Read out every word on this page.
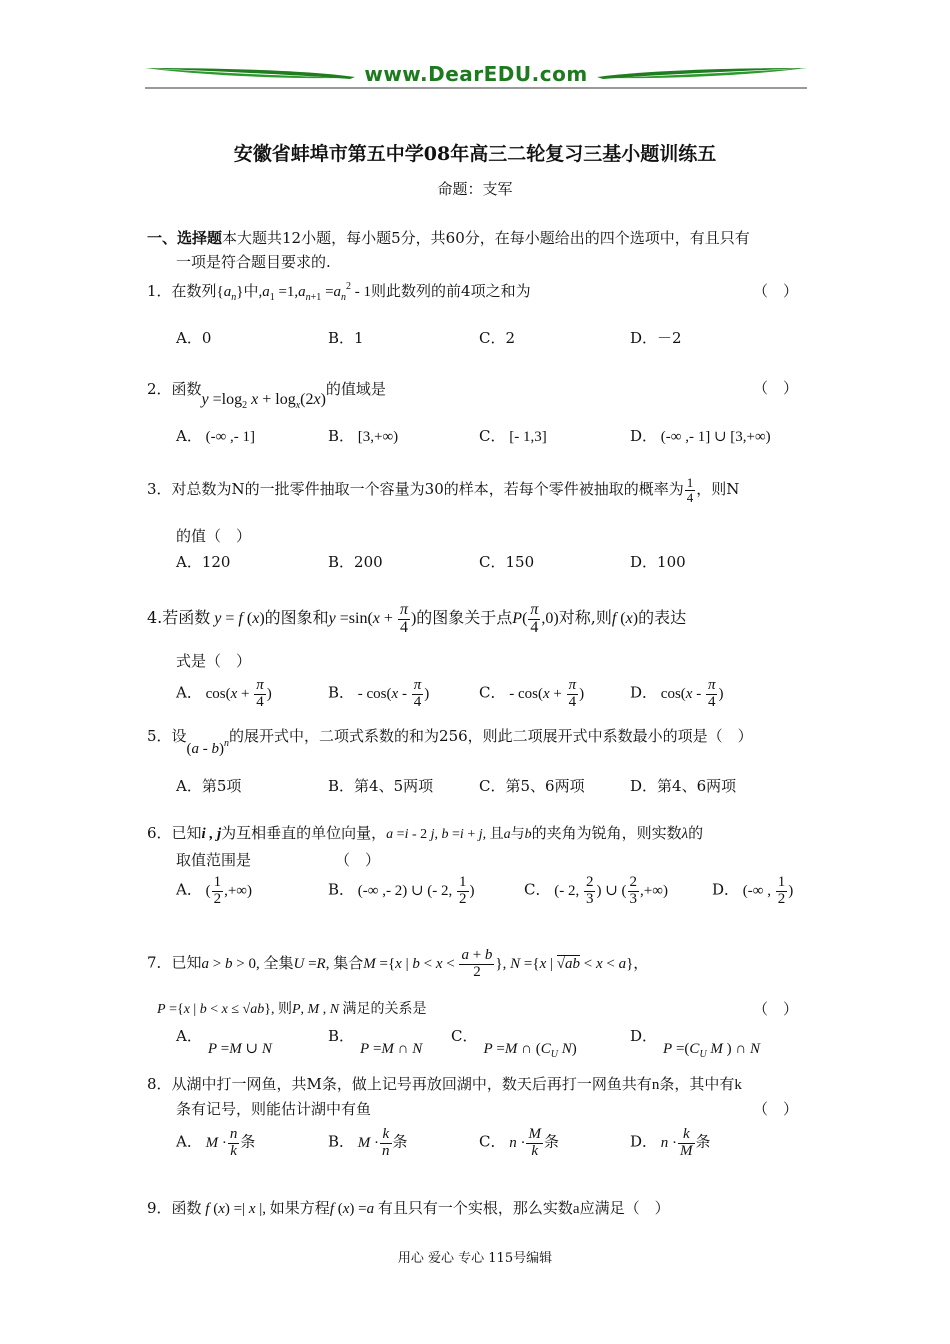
www.DearEDU.com
安徽省蚌埠市第五中学08年高三二轮复习三基小题训练五
命题：支军
一、选择题本大题共12小题，每小题5分，共60分，在每小题给出的四个选项中，有且只有
一项是符合题目要求的.
1．在数列$\{a_n\}$中$,a_1 =1,a_{n+1} =a_n^2 - 1$则此数列的前4项之和为	（　）
A．0	B．1	C．2	D．－2
2．函数$y =\log_2$ $x + \log_x(2x)$的值域是	（　）
A． (-∞ ,- 1]	B． [3,+∞)	C． [- 1,3]	D． (-∞ ,- 1] ∪ [3,+∞)
3．对总数为N的一批零件抽取一个容量为30的样本，若每个零件被抽取的概率为 $\frac{1}{4}$ ，则N
的值（　）
A．120	B．200	C．150	D．100
4.若函数 y = f (x)的图象和$y =\sin(x + \frac{\pi}{4}$ )的图象关于点$P( \frac{\pi}{4} ,0)$对称,则f (x)的表达
式是（　）
A． $\cos(x + \frac{\pi}{4}$ )	B． - $\cos(x - \frac{\pi}{4}$ )	C． - $\cos(x + \frac{\pi}{4}$ )	D． $\cos(x - \frac{\pi}{4}$ )
5．设(a - b)$^n$的展开式中，二项式系数的和为256，则此二项展开式中系数最小的项是（　）
A．第5项	B．第4、5两项	C．第5、6两项	D．第4、6两项
6．已知i , j为互相垂直的单位向量，a =i - 2 j, b =i + j, 且a与b的夹角为锐角，则实数λ的
取值范围是	（　）
A． ( $\frac{1}{2}$ ,+∞)	B． (-∞ ,- 2) ∪ (- 2, $\frac{1}{2}$ )	C． (- 2, $\frac{2}{3}$ ) ∪ ( $\frac{2}{3}$ ,+∞)	D． (-∞ , $\frac{1}{2}$ )
7．已知a > b > 0, 全集U =R, 集合M ={x | $b < x < \frac{a + b}{2}$ }, N ={x | √ab < x < a}，
P ={x | b < x ≤ √ab}, 则P, M , N 满足的关系是	（　）
A．P =M ∪ N
B．P =M ∩ N
C．P =M ∩ ($C_U$ N)
D．$P =(C_U$ M ) ∩ N
8．从湖中打一网鱼，共M条，做上记号再放回湖中，数天后再打一网鱼共有n条，其中有k
条有记号，则能估计湖中有鱼	（　）
A． $M \cdot \frac{n}{k}$ 条	B． $M \cdot \frac{k}{n}$ 条	C． $n \cdot \frac{M}{k}$ 条	D． $n \cdot \frac{k}{M}$ 条
9．函数 f (x) =| x |, 如果方程f (x) =a 有且只有一个实根，那么实数a应满足（　）
用心 爱心 专心 115号编辑
